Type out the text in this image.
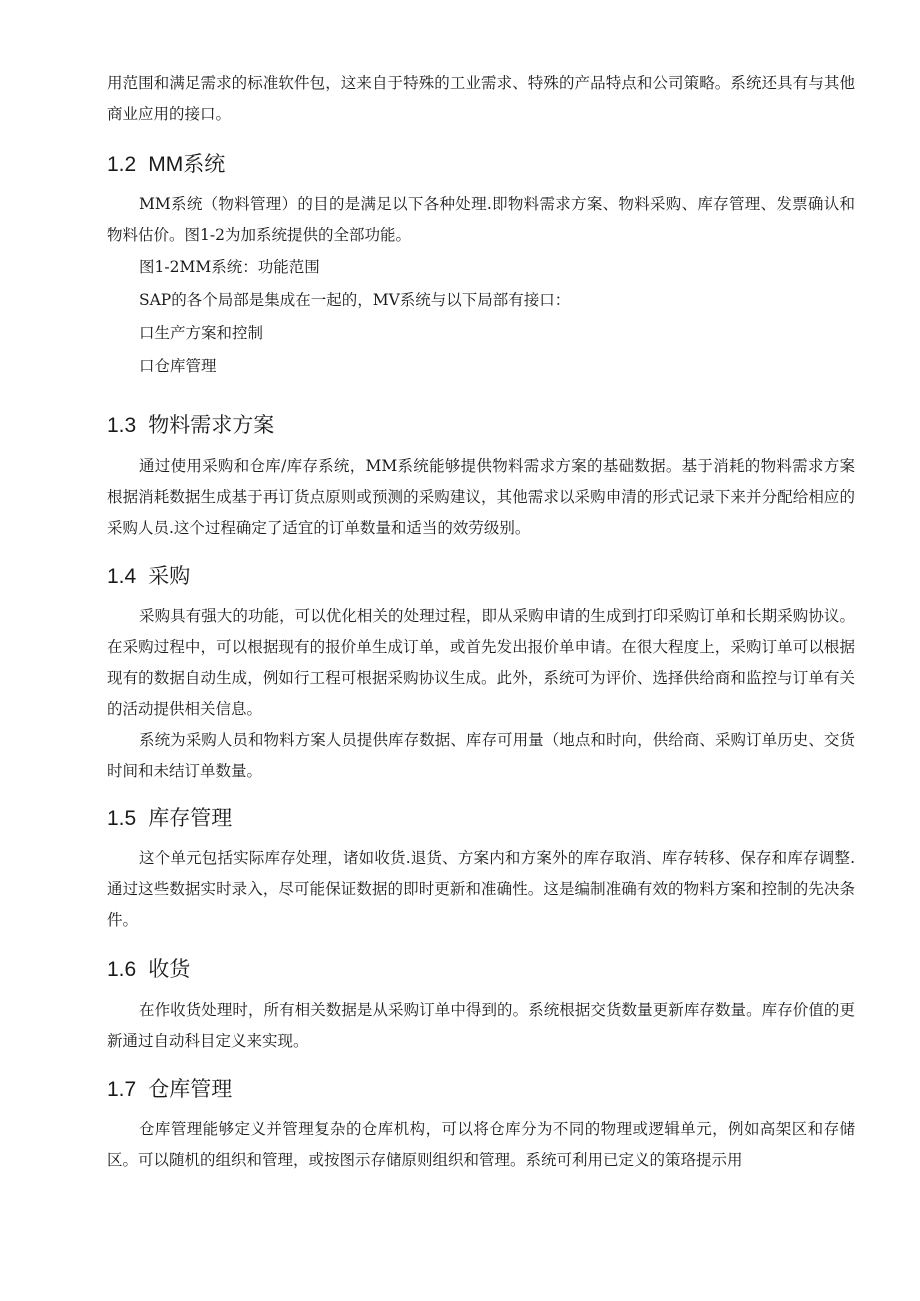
用范围和满足需求的标准软件包，这来自于特殊的工业需求、特殊的产品特点和公司策略。系统还具有与其他商业应用的接口。

1.2 MM系统

MM系统（物料管理）的目的是满足以下各种处理.即物料需求方案、物料采购、库存管理、发票确认和物料估价。图1-2为加系统提供的全部功能。

图1-2MM系统：功能范围

SAP的各个局部是集成在一起的，MV系统与以下局部有接口：

口生产方案和控制

口仓库管理

1.3 物料需求方案

通过使用采购和仓库/库存系统，MM系统能够提供物料需求方案的基础数据。基于消耗的物料需求方案根据消耗数据生成基于再订货点原则或预测的采购建议，其他需求以采购申清的形式记录下来并分配给相应的采购人员.这个过程确定了适宜的订单数量和适当的效劳级别。

1.4 采购

采购具有强大的功能，可以优化相关的处理过程，即从采购申请的生成到打印采购订单和长期采购协议。在采购过程中，可以根据现有的报价单生成订单，或首先发出报价单申请。在很大程度上，采购订单可以根据现有的数据自动生成，例如行工程可根据采购协议生成。此外，系统可为评价、选择供给商和监控与订单有关的活动提供相关信息。

系统为采购人员和物料方案人员提供库存数据、库存可用量（地点和时向，供给商、采购订单历史、交货时间和未结订单数量。

1.5 库存管理

这个单元包括实际库存处理，诸如收货.退货、方案内和方案外的库存取消、库存转移、保存和库存调整.通过这些数据实时录入，尽可能保证数据的即时更新和准确性。这是编制准确有效的物料方案和控制的先决条件。

1.6 收货

在作收货处理时，所有相关数据是从采购订单中得到的。系统根据交货数量更新库存数量。库存价值的更新通过自动科目定义来实现。

1.7 仓库管理

仓库管理能够定义并管理复杂的仓库机构，可以将仓库分为不同的物理或逻辑单元，例如高架区和存储区。可以随机的组织和管理，或按图示存储原则组织和管理。系统可利用已定义的策珞提示用
